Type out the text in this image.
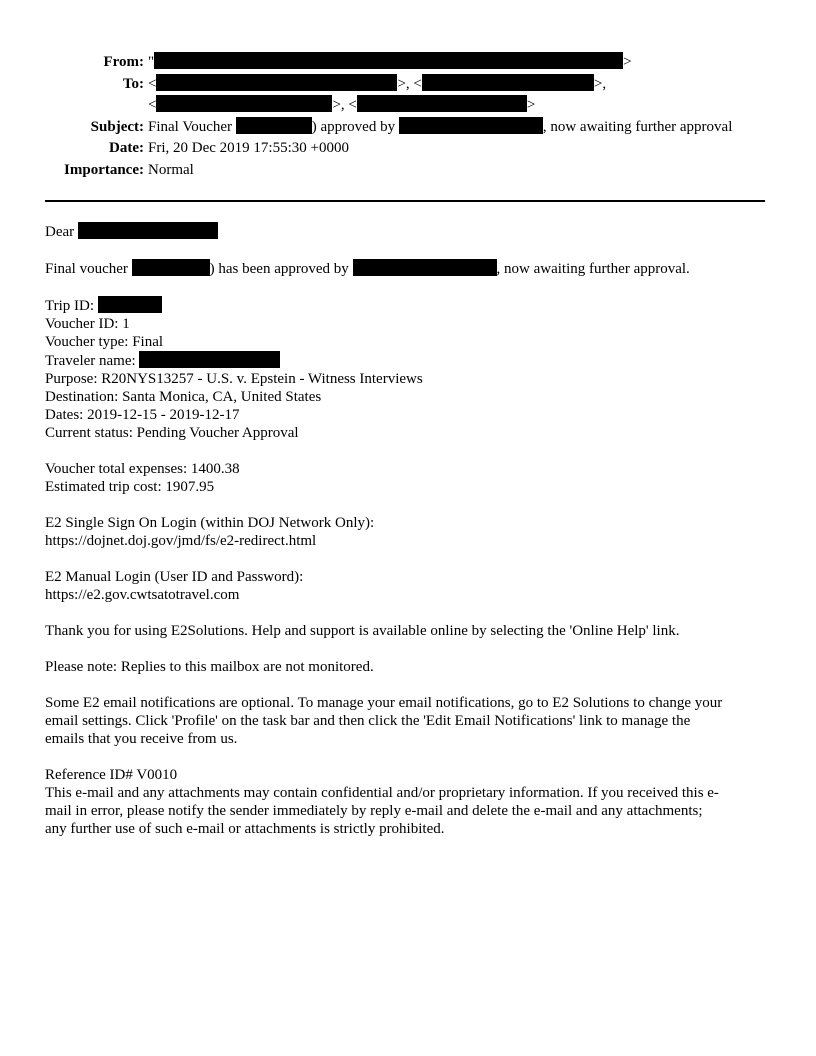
From: "	>
To: <	>, <	>,
<	>, <	>
Subject: Final Voucher	) approved by	, now awaiting further approval
Date: Fri, 20 Dec 2019 17:55:30 +0000
Importance: Normal
Dear
Final voucher	) has been approved by	, now awaiting further approval.
Trip ID:
Voucher ID: 1
Voucher type: Final
Traveler name:
Purpose: R20NYS13257 - U.S. v. Epstein - Witness Interviews
Destination: Santa Monica, CA, United States
Dates: 2019-12-15 - 2019-12-17
Current status: Pending Voucher Approval
Voucher total expenses: 1400.38
Estimated trip cost: 1907.95
E2 Single Sign On Login (within DOJ Network Only):
https://dojnet.doj.gov/jmd/fs/e2-redirect.html
E2 Manual Login (User ID and Password):
https://e2.gov.cwtsatotravel.com
Thank you for using E2Solutions. Help and support is available online by selecting the 'Online Help' link.
Please note: Replies to this mailbox are not monitored.
Some E2 email notifications are optional. To manage your email notifications, go to E2 Solutions to change your
email settings. Click 'Profile' on the task bar and then click the 'Edit Email Notifications' link to manage the
emails that you receive from us.
Reference ID# V0010
This e-mail and any attachments may contain confidential and/or proprietary information. If you received this e-
mail in error, please notify the sender immediately by reply e-mail and delete the e-mail and any attachments;
any further use of such e-mail or attachments is strictly prohibited.
